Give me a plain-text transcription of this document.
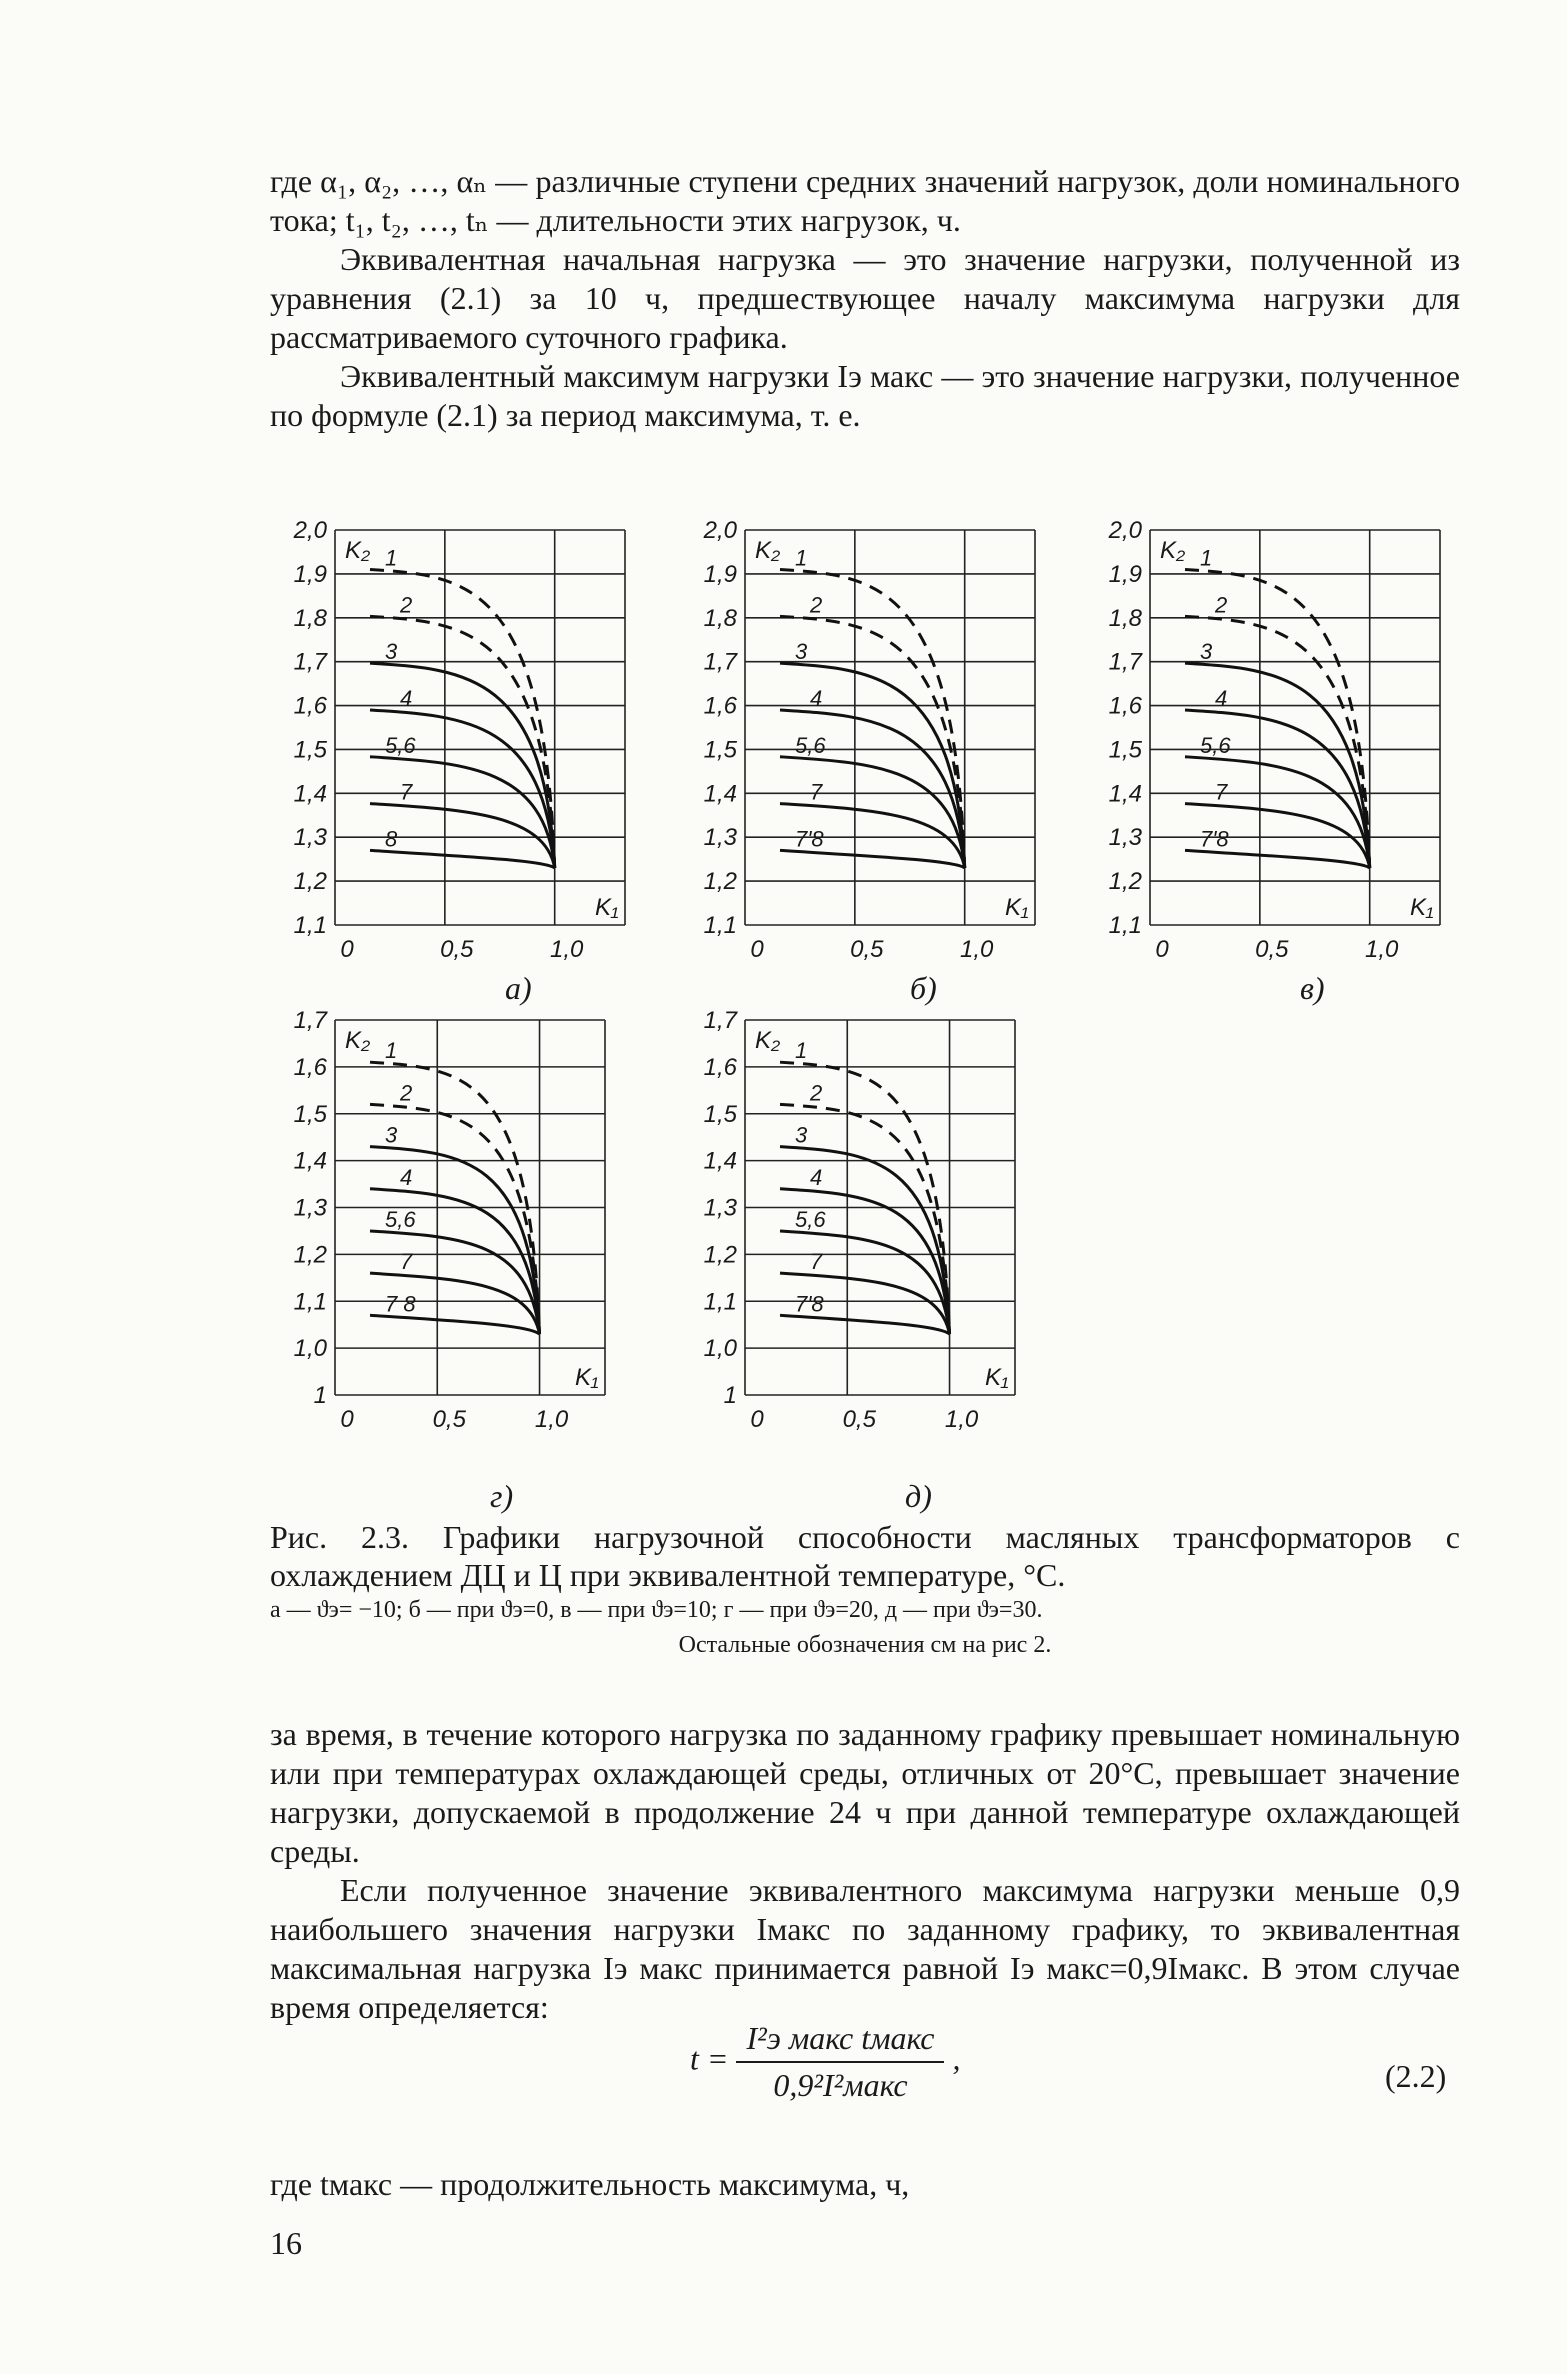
где α₁, α₂, …, αₙ — различные ступени средних значений нагрузок, доли номинального тока; t₁, t₂, …, tₙ — длительности этих нагрузок, ч.

Эквивалентная начальная нагрузка — это значение нагрузки, полученной из уравнения (2.1) за 10 ч, предшествующее началу максимума нагрузки для рассматриваемого суточного графика.

Эквивалентный максимум нагрузки Iэ макс — это значение нагрузки, полученное по формуле (2.1) за период максимума, т. е.

2,0
1,9
1,8
1,7
1,6
1,5
1,4
1,3
1,2
1,1
0	0,5	1,0
K₂
K₁
1
2
3
4
5,6
7
8
2,0
1,9
1,8
1,7
1,6
1,5
1,4
1,3
1,2
1,1
0	0,5	1,0
K₂
K₁
1
2
3
4
5,6
7
7'8
2,0
1,9
1,8
1,7
1,6
1,5
1,4
1,3
1,2
1,1
0	0,5	1,0
K₂
K₁
1
2
3
4
5,6
7
7'8
1,7
1,6
1,5
1,4
1,3
1,2
1,1
1,0
1
0	0,5	1,0
K₂
K₁
1
2
3
4
5,6
7
7 8
1,7
1,6
1,5
1,4
1,3
1,2
1,1
1,0
1
0	0,5	1,0
K₂
K₁
1
2
3
4
5,6
7
7'8
а)	б)	в)
г)	д)
Рис. 2.3. Графики нагрузочной способности масляных трансформаторов с охлаждением ДЦ и Ц при эквивалентной температуре, °С.
а — ϑэ= −10; б — при ϑэ=0, в — при ϑэ=10; г — при ϑэ=20, д — при ϑэ=30.
Остальные обозначения см на рис 2.

за время, в течение которого нагрузка по заданному графику превышает номинальную или при температурах охлаждающей среды, отличных от 20°С, превышает значение нагрузки, допускаемой в продолжение 24 ч при данной температуре охлаждающей среды.

Если полученное значение эквивалентного максимума нагрузки меньше 0,9 наибольшего значения нагрузки Iмакс по заданному графику, то эквивалентная максимальная нагрузка Iэ макс принимается равной Iэ макс=0,9Iмакс. В этом случае время определяется:

$t = \frac{\text{I²э макс tмакс}}{\text{0,9²I²макс}}$ ,	(2.2)
где tмакс — продолжительность максимума, ч,
16
